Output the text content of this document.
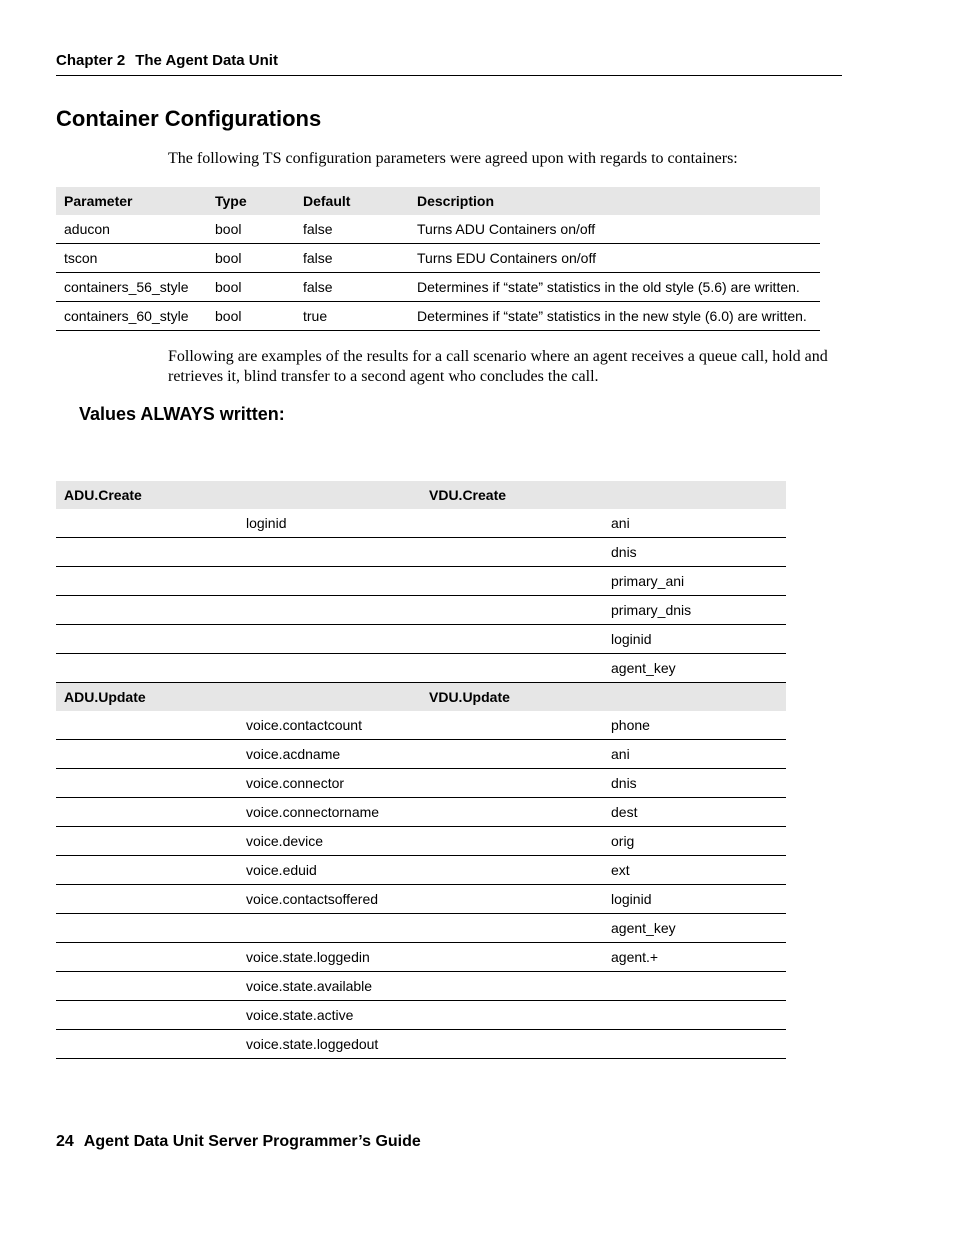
Chapter 2 The Agent Data Unit
Container Configurations
The following TS configuration parameters were agreed upon with regards to containers:
Parameter	Type	Default	Description
aducon	bool	false	Turns ADU Containers on/off
tscon	bool	false	Turns EDU Containers on/off
containers_56_style	bool	false	Determines if “state” statistics in the old style (5.6) are written.
containers_60_style	bool	true	Determines if “state” statistics in the new style (6.0) are written.
Following are examples of the results for a call scenario where an agent receives a queue call, hold and retrieves it, blind transfer to a second agent who concludes the call.
Values ALWAYS written:
ADU.Create		VDU.Create	
	loginid		ani
			dnis
			primary_ani
			primary_dnis
			loginid
			agent_key
ADU.Update		VDU.Update	
	voice.contactcount		phone
	voice.acdname		ani
	voice.connector		dnis
	voice.connectorname		dest
	voice.device		orig
	voice.eduid		ext
	voice.contactsoffered		loginid
			agent_key
	voice.state.loggedin		agent.+
	voice.state.available		
	voice.state.active		
	voice.state.loggedout		
24 Agent Data Unit Server Programmer’s Guide
